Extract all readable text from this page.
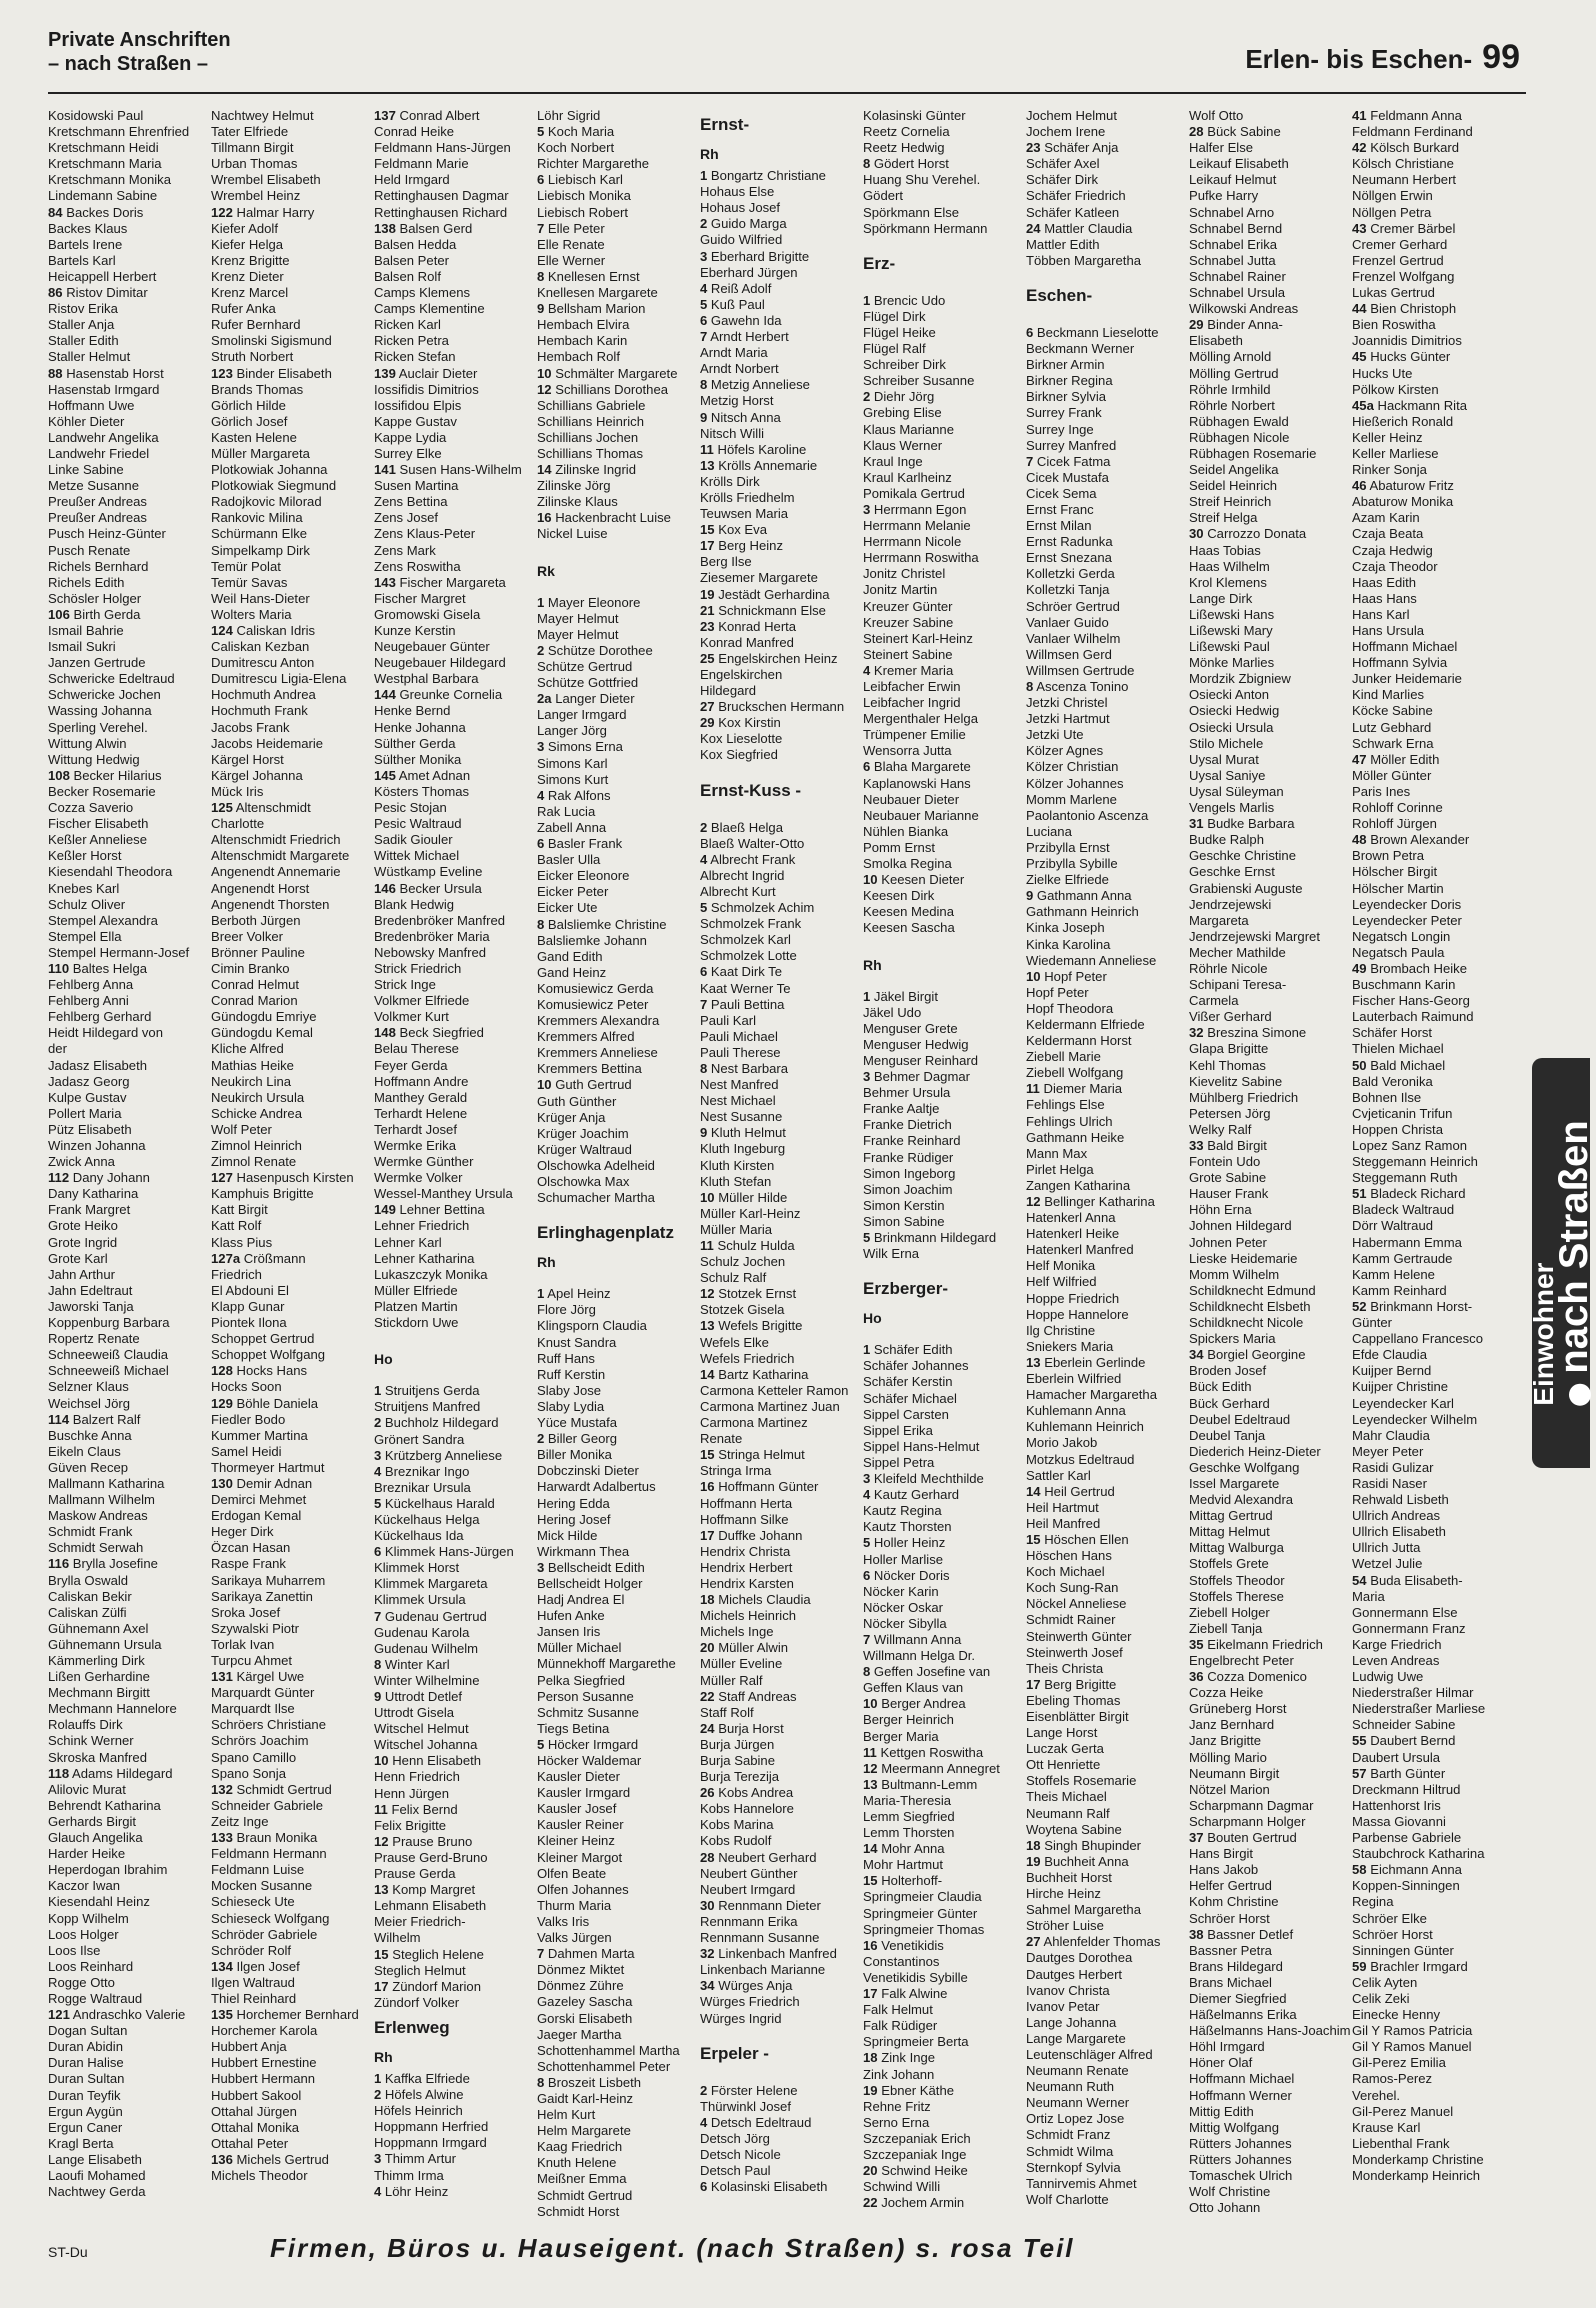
Private Anschriften
– nach Straßen –	Erlen- bis Eschen- 99
Kosidowski Paul
Kretschmann Ehrenfried
Kretschmann Heidi
Kretschmann Maria
Kretschmann Monika
Lindemann Sabine
84 Backes Doris
Backes Klaus
Bartels Irene
Bartels Karl
Heicappell Herbert
86 Ristov Dimitar
Ristov Erika
Staller Anja
Staller Edith
Staller Helmut
88 Hasenstab Horst
Hasenstab Irmgard
Hoffmann Uwe
Köhler Dieter
Landwehr Angelika
Landwehr Friedel
Linke Sabine
Metze Susanne
Preußer Andreas
Preußer Andreas
Pusch Heinz-Günter
Pusch Renate
Richels Bernhard
Richels Edith
Schösler Holger
106 Birth Gerda
Ismail Bahrie
Ismail Sukri
Janzen Gertrude
Schwericke Edeltraud
Schwericke Jochen
Wassing Johanna
Sperling Verehel.
Wittung Alwin
Wittung Hedwig
108 Becker Hilarius
Becker Rosemarie
Cozza Saverio
Fischer Elisabeth
Keßler Anneliese
Keßler Horst
Kiesendahl Theodora
Knebes Karl
Schulz Oliver
Stempel Alexandra
Stempel Ella
Stempel Hermann-Josef
110 Baltes Helga
Fehlberg Anna
Fehlberg Anni
Fehlberg Gerhard
Heidt Hildegard von
der
Jadasz Elisabeth
Jadasz Georg
Kulpe Gustav
Pollert Maria
Pütz Elisabeth
Winzen Johanna
Zwick Anna
112 Dany Johann
Dany Katharina
Frank Margret
Grote Heiko
Grote Ingrid
Grote Karl
Jahn Arthur
Jahn Edeltraut
Jaworski Tanja
Koppenburg Barbara
Ropertz Renate
Schneeweiß Claudia
Schneeweiß Michael
Selzner Klaus
Weichsel Jörg
114 Balzert Ralf
Buschke Anna
Eikeln Claus
Güven Recep
Mallmann Katharina
Mallmann Wilhelm
Maskow Andreas
Schmidt Frank
Schmidt Serwah
116 Brylla Josefine
Brylla Oswald
Caliskan Bekir
Caliskan Zülfi
Gühnemann Axel
Gühnemann Ursula
Kämmerling Dirk
Lißen Gerhardine
Mechmann Birgitt
Mechmann Hannelore
Rolauffs Dirk
Schink Werner
Skroska Manfred
118 Adams Hildegard
Alilovic Murat
Behrendt Katharina
Gerhards Birgit
Glauch Angelika
Harder Heike
Heperdogan Ibrahim
Kaczor Iwan
Kiesendahl Heinz
Kopp Wilhelm
Loos Holger
Loos Ilse
Loos Reinhard
Rogge Otto
Rogge Waltraud
121 Andraschko Valerie
Dogan Sultan
Duran Abidin
Duran Halise
Duran Sultan
Duran Teyfik
Ergun Aygün
Ergun Caner
Kragl Berta
Lange Elisabeth
Laoufi Mohamed
Nachtwey Gerda
Nachtwey Helmut
Tater Elfriede
Tillmann Birgit
Urban Thomas
Wrembel Elisabeth
Wrembel Heinz
122 Halmar Harry
Kiefer Adolf
Kiefer Helga
Krenz Brigitte
Krenz Dieter
Krenz Marcel
Rufer Anka
Rufer Bernhard
Smolinski Sigismund
Struth Norbert
123 Binder Elisabeth
Brands Thomas
Görlich Hilde
Görlich Josef
Kasten Helene
Müller Margareta
Plotkowiak Johanna
Plotkowiak Siegmund
Radojkovic Milorad
Rankovic Milina
Schürmann Elke
Simpelkamp Dirk
Temür Polat
Temür Savas
Weil Hans-Dieter
Wolters Maria
124 Caliskan Idris
Caliskan Kezban
Dumitrescu Anton
Dumitrescu Ligia-Elena
Hochmuth Andrea
Hochmuth Frank
Jacobs Frank
Jacobs Heidemarie
Kärgel Horst
Kärgel Johanna
Mück Iris
125 Altenschmidt
Charlotte
Altenschmidt Friedrich
Altenschmidt Margarete
Angenendt Annemarie
Angenendt Horst
Angenendt Thorsten
Berboth Jürgen
Breer Volker
Brönner Pauline
Cimin Branko
Conrad Helmut
Conrad Marion
Gündogdu Emriye
Gündogdu Kemal
Kliche Alfred
Mathias Heike
Neukirch Lina
Neukirch Ursula
Schicke Andrea
Wolf Peter
Zimnol Heinrich
Zimnol Renate
127 Hasenpusch Kirsten
Kamphuis Brigitte
Katt Birgit
Katt Rolf
Klass Pius
127a Crößmann
Friedrich
El Abdouni El
Klapp Gunar
Piontek Ilona
Schoppet Gertrud
Schoppet Wolfgang
128 Hocks Hans
Hocks Soon
129 Böhle Daniela
Fiedler Bodo
Kummer Martina
Samel Heidi
Thormeyer Hartmut
130 Demir Adnan
Demirci Mehmet
Erdogan Kemal
Heger Dirk
Özcan Hasan
Raspe Frank
Sarikaya Muharrem
Sarikaya Zanettin
Sroka Josef
Szywalski Piotr
Torlak Ivan
Turpcu Ahmet
131 Kärgel Uwe
Marquardt Günter
Marquardt Ilse
Schröers Christiane
Schrörs Joachim
Spano Camillo
Spano Sonja
132 Schmidt Gertrud
Schneider Gabriele
Zeitz Inge
133 Braun Monika
Feldmann Hermann
Feldmann Luise
Mocken Susanne
Schieseck Ute
Schieseck Wolfgang
Schröder Gabriele
Schröder Rolf
134 Ilgen Josef
Ilgen Waltraud
Thiel Reinhard
135 Horchemer Bernhard
Horchemer Karola
Hubbert Anja
Hubbert Ernestine
Hubbert Hermann
Hubbert Sakool
Ottahal Jürgen
Ottahal Monika
Ottahal Peter
136 Michels Gertrud
Michels Theodor
137 Conrad Albert
Conrad Heike
Feldmann Hans-Jürgen
Feldmann Marie
Held Irmgard
Rettinghausen Dagmar
Rettinghausen Richard
138 Balsen Gerd
Balsen Hedda
Balsen Peter
Balsen Rolf
Camps Klemens
Camps Klementine
Ricken Karl
Ricken Petra
Ricken Stefan
139 Auclair Dieter
Iossifidis Dimitrios
Iossifidou Elpis
Kappe Gustav
Kappe Lydia
Surrey Elke
141 Susen Hans-Wilhelm
Susen Martina
Zens Bettina
Zens Josef
Zens Klaus-Peter
Zens Mark
Zens Roswitha
143 Fischer Margareta
Fischer Margret
Gromowski Gisela
Kunze Kerstin
Neugebauer Günter
Neugebauer Hildegard
Westphal Barbara
144 Greunke Cornelia
Henke Bernd
Henke Johanna
Sülther Gerda
Sülther Monika
145 Amet Adnan
Kösters Thomas
Pesic Stojan
Pesic Waltraud
Sadik Giouler
Wittek Michael
Wüstkamp Eveline
146 Becker Ursula
Blank Hedwig
Bredenbröker Manfred
Bredenbröker Maria
Nebowsky Manfred
Strick Friedrich
Strick Inge
Volkmer Elfriede
Volkmer Kurt
148 Beck Siegfried
Belau Therese
Feyer Gerda
Hoffmann Andre
Manthey Gerald
Terhardt Helene
Terhardt Josef
Wermke Erika
Wermke Günther
Wermke Volker
Wessel-Manthey Ursula
149 Lehner Bettina
Lehner Friedrich
Lehner Karl
Lehner Katharina
Lukaszczyk Monika
Müller Elfriede
Platzen Martin
Stickdorn Uwe
Ho
1 Struitjens Gerda
Struitjens Manfred
2 Buchholz Hildegard
Grönert Sandra
3 Krützberg Anneliese
4 Breznikar Ingo
Breznikar Ursula
5 Kückelhaus Harald
Kückelhaus Helga
Kückelhaus Ida
6 Klimmek Hans-Jürgen
Klimmek Horst
Klimmek Margareta
Klimmek Ursula
7 Gudenau Gertrud
Gudenau Karola
Gudenau Wilhelm
8 Winter Karl
Winter Wilhelmine
9 Uttrodt Detlef
Uttrodt Gisela
Witschel Helmut
Witschel Johanna
10 Henn Elisabeth
Henn Friedrich
Henn Jürgen
11 Felix Bernd
Felix Brigitte
12 Prause Bruno
Prause Gerd-Bruno
Prause Gerda
13 Komp Margret
Lehmann Elisabeth
Meier Friedrich-
Wilhelm
15 Steglich Helene
Steglich Helmut
17 Zündorf Marion
Zündorf Volker
Erlenweg
Rh
1 Kaffka Elfriede
2 Höfels Alwine
Höfels Heinrich
Hoppmann Herfried
Hoppmann Irmgard
3 Thimm Artur
Thimm Irma
4 Löhr Heinz
Löhr Sigrid
5 Koch Maria
Koch Norbert
Richter Margarethe
6 Liebisch Karl
Liebisch Monika
Liebisch Robert
7 Elle Peter
Elle Renate
Elle Werner
8 Knellesen Ernst
Knellesen Margarete
9 Bellsham Marion
Hembach Elvira
Hembach Karin
Hembach Rolf
10 Schmälter Margarete
12 Schillians Dorothea
Schillians Gabriele
Schillians Heinrich
Schillians Jochen
Schillians Thomas
14 Zilinske Ingrid
Zilinske Jörg
Zilinske Klaus
16 Hackenbracht Luise
Nickel Luise
Rk
1 Mayer Eleonore
Mayer Helmut
Mayer Helmut
2 Schütze Dorothee
Schütze Gertrud
Schütze Gottfried
2a Langer Dieter
Langer Irmgard
Langer Jörg
3 Simons Erna
Simons Karl
Simons Kurt
4 Rak Alfons
Rak Lucia
Zabell Anna
6 Basler Frank
Basler Ulla
Eicker Eleonore
Eicker Peter
Eicker Ute
8 Balsliemke Christine
Balsliemke Johann
Gand Edith
Gand Heinz
Komusiewicz Gerda
Komusiewicz Peter
Kremmers Alexandra
Kremmers Alfred
Kremmers Anneliese
Kremmers Bettina
10 Guth Gertrud
Guth Günther
Krüger Anja
Krüger Joachim
Krüger Waltraud
Olschowka Adelheid
Olschowka Max
Schumacher Martha
Erlinghagenplatz
Rh
1 Apel Heinz
Flore Jörg
Klingsporn Claudia
Knust Sandra
Ruff Hans
Ruff Kerstin
Slaby Jose
Slaby Lydia
Yüce Mustafa
2 Biller Georg
Biller Monika
Dobczinski Dieter
Harwardt Adalbertus
Hering Edda
Hering Josef
Mick Hilde
Wirkmann Thea
3 Bellscheidt Edith
Bellscheidt Holger
Hadj Andrea El
Hufen Anke
Jansen Iris
Müller Michael
Münnekhoff Margarethe
Pelka Siegfried
Person Susanne
Schmitz Susanne
Tiegs Betina
5 Höcker Irmgard
Höcker Waldemar
Kausler Dieter
Kausler Irmgard
Kausler Josef
Kausler Reiner
Kleiner Heinz
Kleiner Margot
Olfen Beate
Olfen Johannes
Thurm Maria
Valks Iris
Valks Jürgen
7 Dahmen Marta
Dönmez Miktet
Dönmez Zühre
Gazeley Sascha
Gorski Elisabeth
Jaeger Martha
Schottenhammel Martha
Schottenhammel Peter
8 Broszeit Lisbeth
Gaidt Karl-Heinz
Helm Kurt
Helm Margarete
Kaag Friedrich
Knuth Helene
Meißner Emma
Schmidt Gertrud
Schmidt Horst
Ernst-
Rh
1 Bongartz Christiane
Hohaus Else
Hohaus Josef
2 Guido Marga
Guido Wilfried
3 Eberhard Brigitte
Eberhard Jürgen
4 Reiß Adolf
5 Kuß Paul
6 Gawehn Ida
7 Arndt Herbert
Arndt Maria
Arndt Norbert
8 Metzig Anneliese
Metzig Horst
9 Nitsch Anna
Nitsch Willi
11 Höfels Karoline
13 Krölls Annemarie
Krölls Dirk
Krölls Friedhelm
Teuwsen Maria
15 Kox Eva
17 Berg Heinz
Berg Ilse
Ziesemer Margarete
19 Jestädt Gerhardina
21 Schnickmann Else
23 Konrad Herta
Konrad Manfred
25 Engelskirchen Heinz
Engelskirchen
Hildegard
27 Bruckschen Hermann
29 Kox Kirstin
Kox Lieselotte
Kox Siegfried
Ernst-Kuss -
2 Blaeß Helga
Blaeß Walter-Otto
4 Albrecht Frank
Albrecht Ingrid
Albrecht Kurt
5 Schmolzek Achim
Schmolzek Frank
Schmolzek Karl
Schmolzek Lotte
6 Kaat Dirk Te
Kaat Werner Te
7 Pauli Bettina
Pauli Karl
Pauli Michael
Pauli Therese
8 Nest Barbara
Nest Manfred
Nest Michael
Nest Susanne
9 Kluth Helmut
Kluth Ingeburg
Kluth Kirsten
Kluth Stefan
10 Müller Hilde
Müller Karl-Heinz
Müller Maria
11 Schulz Hulda
Schulz Jochen
Schulz Ralf
12 Stotzek Ernst
Stotzek Gisela
13 Wefels Brigitte
Wefels Elke
Wefels Friedrich
14 Bartz Katharina
Carmona Ketteler Ramon
Carmona Martinez Juan
Carmona Martinez
Renate
15 Stringa Helmut
Stringa Irma
16 Hoffmann Günter
Hoffmann Herta
Hoffmann Silke
17 Duffke Johann
Hendrix Christa
Hendrix Herbert
Hendrix Karsten
18 Michels Claudia
Michels Heinrich
Michels Inge
20 Müller Alwin
Müller Eveline
Müller Ralf
22 Staff Andreas
Staff Rolf
24 Burja Horst
Burja Jürgen
Burja Sabine
Burja Terezija
26 Kobs Andrea
Kobs Hannelore
Kobs Marina
Kobs Rudolf
28 Neubert Gerhard
Neubert Günther
Neubert Irmgard
30 Rennmann Dieter
Rennmann Erika
Rennmann Susanne
32 Linkenbach Manfred
Linkenbach Marianne
34 Würges Anja
Würges Friedrich
Würges Ingrid
Erpeler -
2 Förster Helene
Thürwinkl Josef
4 Detsch Edeltraud
Detsch Jörg
Detsch Nicole
Detsch Paul
6 Kolasinski Elisabeth
Kolasinski Günter
Reetz Cornelia
Reetz Hedwig
8 Gödert Horst
Huang Shu Verehel.
Gödert
Spörkmann Else
Spörkmann Hermann
Erz-
1 Brencic Udo
Flügel Dirk
Flügel Heike
Flügel Ralf
Schreiber Dirk
Schreiber Susanne
2 Diehr Jörg
Grebing Elise
Klaus Marianne
Klaus Werner
Kraul Inge
Kraul Karlheinz
Pomikala Gertrud
3 Herrmann Egon
Herrmann Melanie
Herrmann Nicole
Herrmann Roswitha
Jonitz Christel
Jonitz Martin
Kreuzer Günter
Kreuzer Sabine
Steinert Karl-Heinz
Steinert Sabine
4 Kremer Maria
Leibfacher Erwin
Leibfacher Ingrid
Mergenthaler Helga
Trümpener Emilie
Wensorra Jutta
6 Blaha Margarete
Kaplanowski Hans
Neubauer Dieter
Neubauer Marianne
Nühlen Bianka
Pomm Ernst
Smolka Regina
10 Keesen Dieter
Keesen Dirk
Keesen Medina
Keesen Sascha
Rh
1 Jäkel Birgit
Jäkel Udo
Menguser Grete
Menguser Hedwig
Menguser Reinhard
3 Behmer Dagmar
Behmer Ursula
Franke Aaltje
Franke Dietrich
Franke Reinhard
Franke Rüdiger
Simon Ingeborg
Simon Joachim
Simon Kerstin
Simon Sabine
5 Brinkmann Hildegard
Wilk Erna
Erzberger-
Ho
1 Schäfer Edith
Schäfer Johannes
Schäfer Kerstin
Schäfer Michael
Sippel Carsten
Sippel Erika
Sippel Hans-Helmut
Sippel Petra
3 Kleifeld Mechthilde
4 Kautz Gerhard
Kautz Regina
Kautz Thorsten
5 Holler Heinz
Holler Marlise
6 Nöcker Doris
Nöcker Karin
Nöcker Oskar
Nöcker Sibylla
7 Willmann Anna
Willmann Helga Dr.
8 Geffen Josefine van
Geffen Klaus van
10 Berger Andrea
Berger Heinrich
Berger Maria
11 Kettgen Roswitha
12 Meermann Annegret
13 Bultmann-Lemm
Maria-Theresia
Lemm Siegfried
Lemm Thorsten
14 Mohr Anna
Mohr Hartmut
15 Holterhoff-
Springmeier Claudia
Springmeier Günter
Springmeier Thomas
16 Venetikidis
Constantinos
Venetikidis Sybille
17 Falk Alwine
Falk Helmut
Falk Rüdiger
Springmeier Berta
18 Zink Inge
Zink Johann
19 Ebner Käthe
Rehne Fritz
Serno Erna
Szczepaniak Erich
Szczepaniak Inge
20 Schwind Heike
Schwind Willi
22 Jochem Armin
Jochem Helmut
Jochem Irene
23 Schäfer Anja
Schäfer Axel
Schäfer Dirk
Schäfer Friedrich
Schäfer Katleen
24 Mattler Claudia
Mattler Edith
Többen Margaretha
Eschen-
6 Beckmann Lieselotte
Beckmann Werner
Birkner Armin
Birkner Regina
Birkner Sylvia
Surrey Frank
Surrey Inge
Surrey Manfred
7 Cicek Fatma
Cicek Mustafa
Cicek Sema
Ernst Franc
Ernst Milan
Ernst Radunka
Ernst Snezana
Kolletzki Gerda
Kolletzki Tanja
Schröer Gertrud
Vanlaer Guido
Vanlaer Wilhelm
Willmsen Gerd
Willmsen Gertrude
8 Ascenza Tonino
Jetzki Christel
Jetzki Hartmut
Jetzki Ute
Kölzer Agnes
Kölzer Christian
Kölzer Johannes
Momm Marlene
Paolantonio Ascenza
Luciana
Przibylla Ernst
Przibylla Sybille
Zielke Elfriede
9 Gathmann Anna
Gathmann Heinrich
Kinka Joseph
Kinka Karolina
Wiedemann Anneliese
10 Hopf Peter
Hopf Peter
Hopf Theodora
Keldermann Elfriede
Keldermann Horst
Ziebell Marie
Ziebell Wolfgang
11 Diemer Maria
Fehlings Else
Fehlings Ulrich
Gathmann Heike
Mann Max
Pirlet Helga
Zangen Katharina
12 Bellinger Katharina
Hatenkerl Anna
Hatenkerl Heike
Hatenkerl Manfred
Helf Monika
Helf Wilfried
Hoppe Friedrich
Hoppe Hannelore
Ilg Christine
Sniekers Maria
13 Eberlein Gerlinde
Eberlein Wilfried
Hamacher Margaretha
Kuhlemann Anna
Kuhlemann Heinrich
Morio Jakob
Motzkus Edeltraud
Sattler Karl
14 Heil Gertrud
Heil Hartmut
Heil Manfred
15 Höschen Ellen
Höschen Hans
Koch Michael
Koch Sung-Ran
Nöckel Anneliese
Schmidt Rainer
Steinwerth Günter
Steinwerth Josef
Theis Christa
17 Berg Brigitte
Ebeling Thomas
Eisenblätter Birgit
Lange Horst
Luczak Gerta
Ott Henriette
Stoffels Rosemarie
Theis Michael
Neumann Ralf
Woytena Sabine
18 Singh Bhupinder
19 Buchheit Anna
Buchheit Horst
Hirche Heinz
Sahmel Margaretha
Ströher Luise
27 Ahlenfelder Thomas
Dautges Dorothea
Dautges Herbert
Ivanov Christa
Ivanov Petar
Lange Johanna
Lange Margarete
Leutenschläger Alfred
Neumann Renate
Neumann Ruth
Neumann Werner
Ortiz Lopez Jose
Schmidt Franz
Schmidt Wilma
Sternkopf Sylvia
Tannirvemis Ahmet
Wolf Charlotte
Wolf Otto
28 Bück Sabine
Halfer Else
Leikauf Elisabeth
Leikauf Helmut
Pufke Harry
Schnabel Arno
Schnabel Bernd
Schnabel Erika
Schnabel Jutta
Schnabel Rainer
Schnabel Ursula
Wilkowski Andreas
29 Binder Anna-
Elisabeth
Mölling Arnold
Mölling Gertrud
Röhrle Irmhild
Röhrle Norbert
Rübhagen Ewald
Rübhagen Nicole
Rübhagen Rosemarie
Seidel Angelika
Seidel Heinrich
Streif Heinrich
Streif Helga
30 Carrozzo Donata
Haas Tobias
Haas Wilhelm
Krol Klemens
Lange Dirk
Lißewski Hans
Lißewski Mary
Lißewski Paul
Mönke Marlies
Mordzik Zbigniew
Osiecki Anton
Osiecki Hedwig
Osiecki Ursula
Stilo Michele
Uysal Murat
Uysal Saniye
Uysal Süleyman
Vengels Marlis
31 Budke Barbara
Budke Ralph
Geschke Christine
Geschke Ernst
Grabienski Auguste
Jendrzejewski
Margareta
Jendrzejewski Margret
Mecher Mathilde
Röhrle Nicole
Schipani Teresa-
Carmela
Vißer Gerhard
32 Breszina Simone
Glapa Brigitte
Kehl Thomas
Kievelitz Sabine
Mühlberg Friedrich
Petersen Jörg
Welky Ralf
33 Bald Birgit
Fontein Udo
Grote Sabine
Hauser Frank
Höhn Erna
Johnen Hildegard
Johnen Peter
Lieske Heidemarie
Momm Wilhelm
Schildknecht Edmund
Schildknecht Elsbeth
Schildknecht Nicole
Spickers Maria
34 Borgiel Georgine
Broden Josef
Bück Edith
Bück Gerhard
Deubel Edeltraud
Deubel Tanja
Diederich Heinz-Dieter
Geschke Wolfgang
Issel Margarete
Medvid Alexandra
Mittag Gertrud
Mittag Helmut
Mittag Walburga
Stoffels Grete
Stoffels Theodor
Stoffels Therese
Ziebell Holger
Ziebell Tanja
35 Eikelmann Friedrich
Engelbrecht Peter
36 Cozza Domenico
Cozza Heike
Grüneberg Horst
Janz Bernhard
Janz Brigitte
Mölling Mario
Neumann Birgit
Nötzel Marion
Scharpmann Dagmar
Scharpmann Holger
37 Bouten Gertrud
Hans Birgit
Hans Jakob
Helfer Gertrud
Kohm Christine
Schröer Horst
38 Bassner Detlef
Bassner Petra
Brans Hildegard
Brans Michael
Diemer Siegfried
Häßelmanns Erika
Häßelmanns Hans-Joachim
Höhl Irmgard
Höner Olaf
Hoffmann Michael
Hoffmann Werner
Mittig Edith
Mittig Wolfgang
Rütters Johannes
Rütters Johannes
Tomaschek Ulrich
Wolf Christine
Otto Johann
41 Feldmann Anna
Feldmann Ferdinand
42 Kölsch Burkard
Kölsch Christiane
Neumann Herbert
Nöllgen Erwin
Nöllgen Petra
43 Cremer Bärbel
Cremer Gerhard
Frenzel Gertrud
Frenzel Wolfgang
Lukas Gertrud
44 Bien Christoph
Bien Roswitha
Joannidis Dimitrios
45 Hucks Günter
Hucks Ute
Pölkow Kirsten
45a Hackmann Rita
Hießerich Ronald
Keller Heinz
Keller Marliese
Rinker Sonja
46 Abaturow Fritz
Abaturow Monika
Azam Karin
Czaja Beata
Czaja Hedwig
Czaja Theodor
Haas Edith
Haas Hans
Hans Karl
Hans Ursula
Hoffmann Michael
Hoffmann Sylvia
Junker Heidemarie
Kind Marlies
Köcke Sabine
Lutz Gebhard
Schwark Erna
47 Möller Edith
Möller Günter
Paris Ines
Rohloff Corinne
Rohloff Jürgen
48 Brown Alexander
Brown Petra
Hölscher Birgit
Hölscher Martin
Leyendecker Doris
Leyendecker Peter
Negatsch Longin
Negatsch Paula
49 Brombach Heike
Buschmann Karin
Fischer Hans-Georg
Lauterbach Raimund
Schäfer Horst
Thielen Michael
50 Bald Michael
Bald Veronika
Bohnen Ilse
Cvjeticanin Trifun
Hoppen Christa
Lopez Sanz Ramon
Steggemann Heinrich
Steggemann Ruth
51 Bladeck Richard
Bladeck Waltraud
Dörr Waltraud
Habermann Emma
Kamm Gertraude
Kamm Helene
Kamm Reinhard
52 Brinkmann Horst-
Günter
Cappellano Francesco
Efde Claudia
Kuijper Bernd
Kuijper Christine
Leyendecker Karl
Leyendecker Wilhelm
Mahr Claudia
Meyer Peter
Rasidi Gulizar
Rasidi Naser
Rehwald Lisbeth
Ullrich Andreas
Ullrich Elisabeth
Ullrich Jutta
Wetzel Julie
54 Buda Elisabeth-
Maria
Gonnermann Else
Gonnermann Franz
Karge Friedrich
Leven Andreas
Ludwig Uwe
Niederstraßer Hilmar
Niederstraßer Marliese
Schneider Sabine
55 Daubert Bernd
Daubert Ursula
57 Barth Günter
Dreckmann Hiltrud
Hattenhorst Iris
Massa Giovanni
Parbense Gabriele
Staubchrock Katharina
58 Eichmann Anna
Koppen-Sinningen
Regina
Schröer Elke
Schröer Horst
Sinningen Günter
59 Brachler Irmgard
Celik Ayten
Celik Zeki
Einecke Henny
Gil Y Ramos Patricia
Gil Y Ramos Manuel
Gil-Perez Emilia
Ramos-Perez
Verehel.
Gil-Perez Manuel
Krause Karl
Liebenthal Frank
Monderkamp Christine
Monderkamp Heinrich
Einwohner
nach Straßen
ST-Du	Firmen, Büros u. Hauseigent. (nach Straßen) s. rosa Teil
